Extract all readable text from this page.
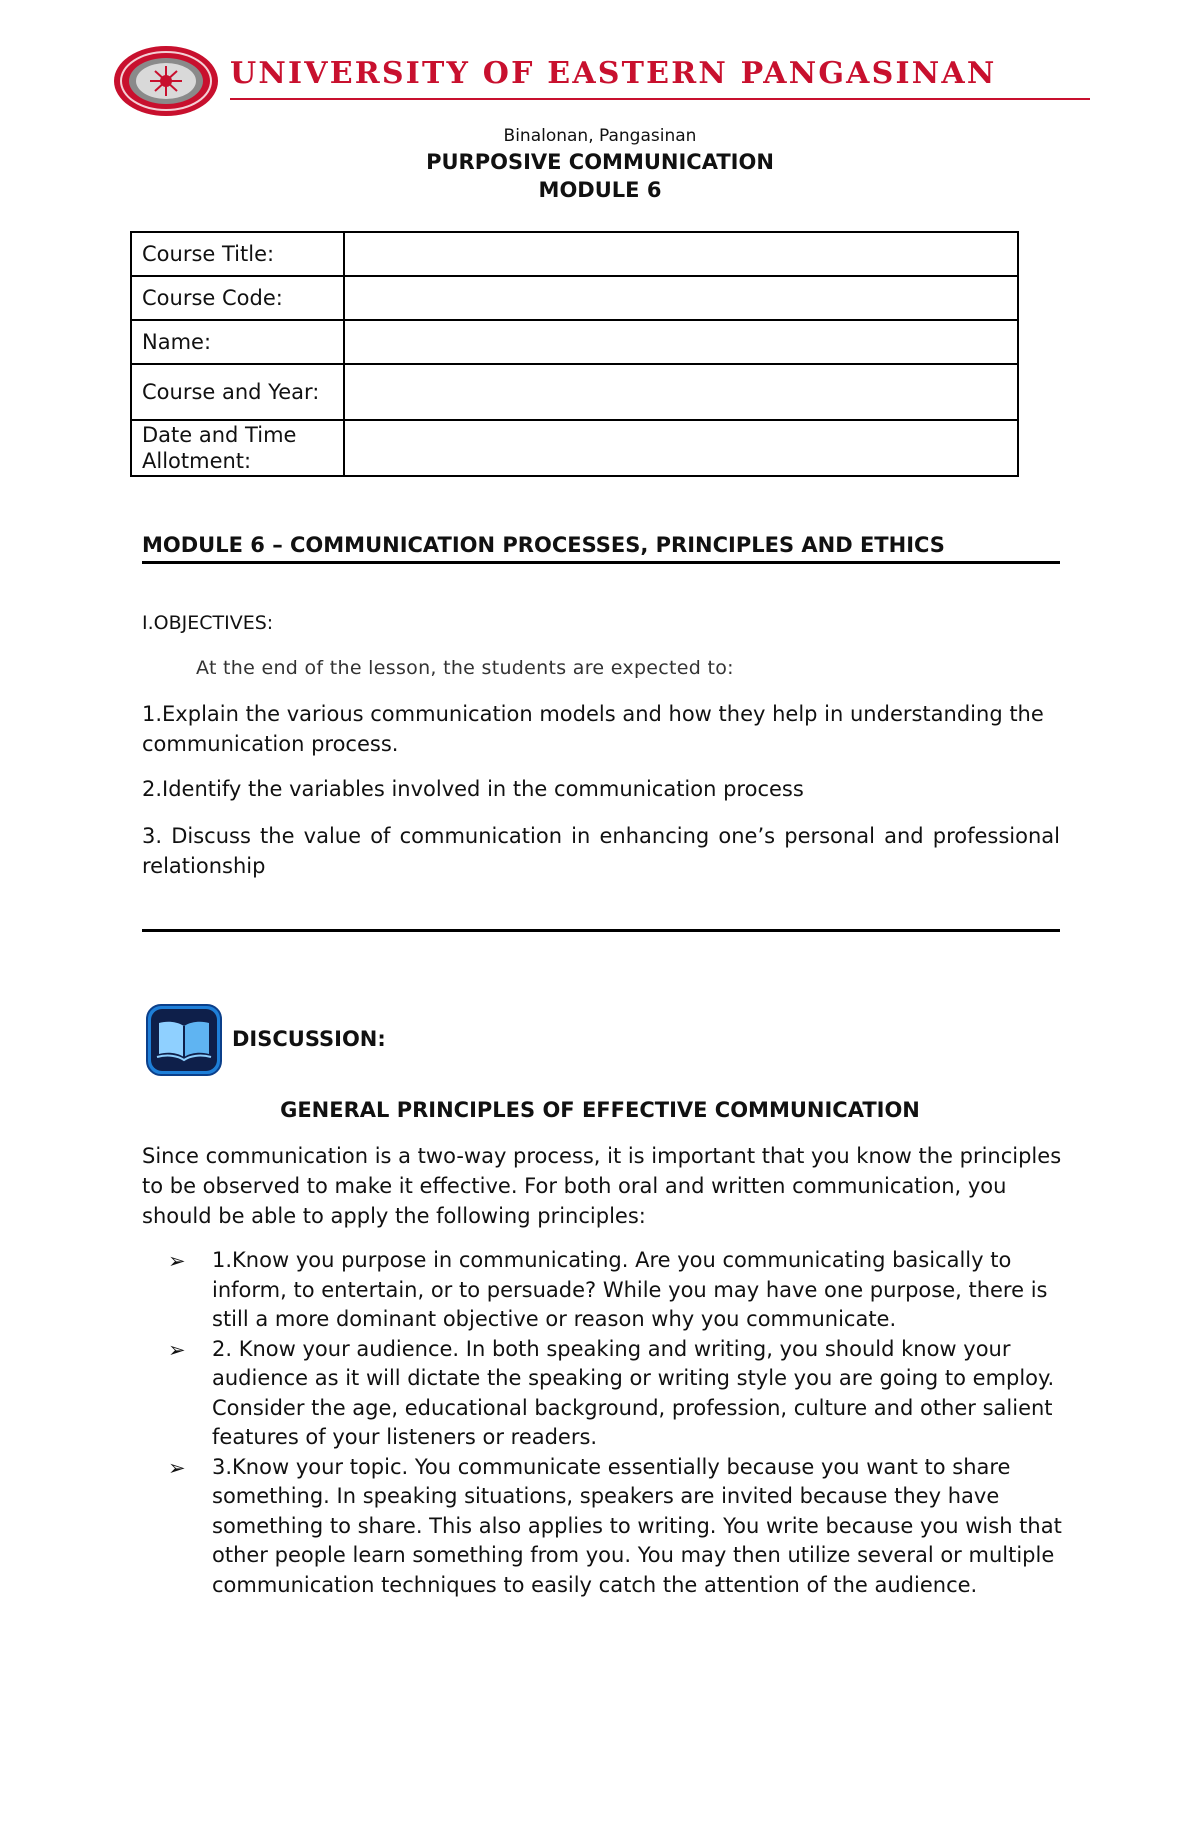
UNIVERSITY OF EASTERN PANGASINAN
Binalonan, Pangasinan
PURPOSIVE COMMUNICATION
MODULE 6
Course Title:	
Course Code:	
Name:	
Course and Year:	
Date and Time Allotment:	
MODULE 6 – COMMUNICATION PROCESSES, PRINCIPLES AND ETHICS
I.OBJECTIVES:
At the end of the lesson, the students are expected to:
1.Explain the various communication models and how they help in understanding the communication process.
2.Identify the variables involved in the communication process
3. Discuss the value of communication in enhancing one’s personal and professional relationship
DISCUSSION:
GENERAL PRINCIPLES OF EFFECTIVE COMMUNICATION
Since communication is a two-way process, it is important that you know the principles to be observed to make it effective. For both oral and written communication, you should be able to apply the following principles:
➢ 1.Know you purpose in communicating. Are you communicating basically to inform, to entertain, or to persuade? While you may have one purpose, there is still a more dominant objective or reason why you communicate.
➢ 2. Know your audience. In both speaking and writing, you should know your audience as it will dictate the speaking or writing style you are going to employ. Consider the age, educational background, profession, culture and other salient features of your listeners or readers.
➢ 3.Know your topic. You communicate essentially because you want to share something. In speaking situations, speakers are invited because they have something to share. This also applies to writing. You write because you wish that other people learn something from you. You may then utilize several or multiple communication techniques to easily catch the attention of the audience.
